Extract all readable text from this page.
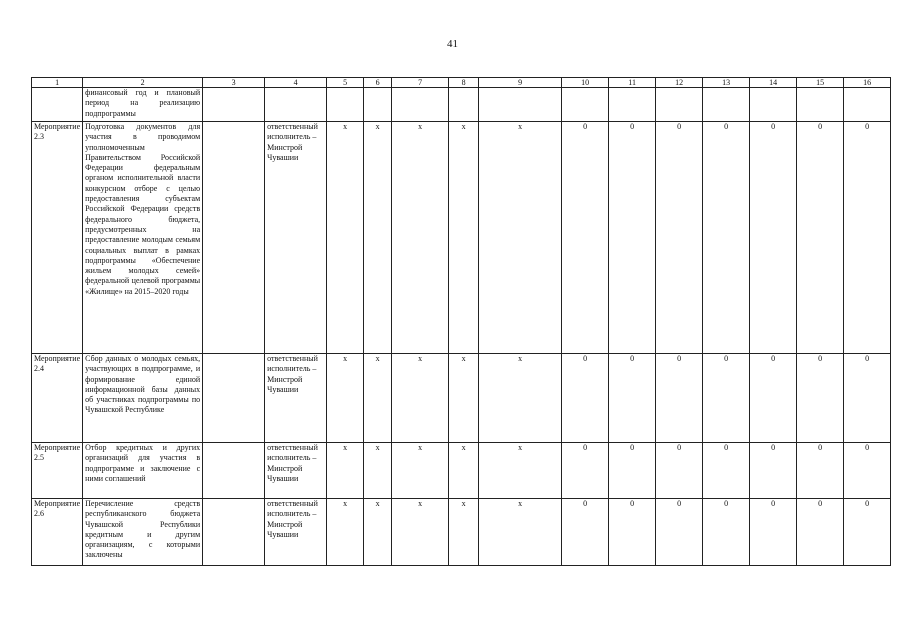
41
1	2	3	4	5	6	7	8	9	10	11	12	13	14	15	16
	финансовый год и плановый период на реализацию подпрограммы														
Мероприятие 2.3	Подготовка документов для участия в проводимом уполномоченным Правительством Российской Федерации федеральным органом исполнительной власти конкурсном отборе с целью предоставления субъектам Российской Федерации средств федерального бюджета, предусмотренных на предоставление молодым семьям социальных выплат в рамках подпрограммы «Обеспечение жильем молодых семей» федеральной целевой программы «Жилище» на 2015–2020 годы		ответственный исполнитель – Минстрой Чувашии	x	x	x	x	x	0	0	0	0	0	0	0
Мероприятие 2.4	Сбор данных о молодых семьях, участвующих в подпрограмме, и формирование единой информационной базы данных об участниках подпрограммы по Чувашской Республике		ответственный исполнитель – Минстрой Чувашии	x	x	x	x	x	0	0	0	0	0	0	0
Мероприятие 2.5	Отбор кредитных и других организаций для участия в подпрограмме и заключение с ними соглашений		ответственный исполнитель – Минстрой Чувашии	x	x	x	x	x	0	0	0	0	0	0	0
Мероприятие 2.6	Перечисление средств республиканского бюджета Чувашской Республики кредитным и другим организациям, с которыми заключены		ответственный исполнитель – Минстрой Чувашии	x	x	x	x	x	0	0	0	0	0	0	0
